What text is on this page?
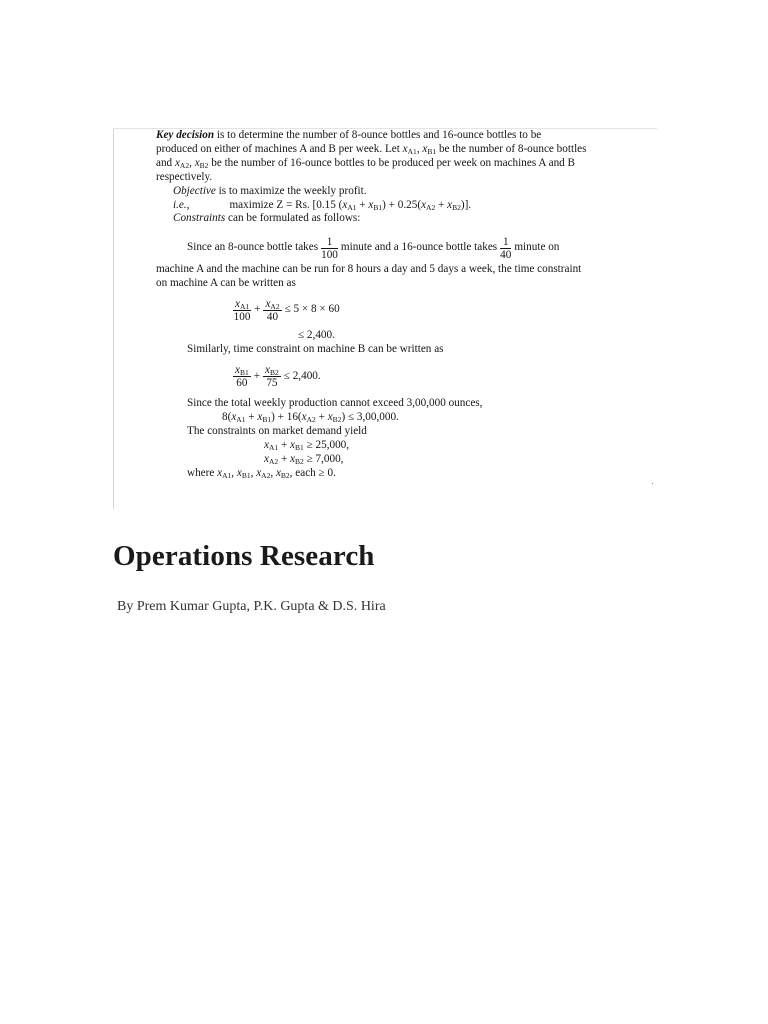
Key decision is to determine the number of 8-ounce bottles and 16-ounce bottles to be
produced on either of machines A and B per week. Let $x_{A1}$, $x_{B1}$ be the number of 8-ounce bottles
and $x_{A2}$, $x_{B2}$ be the number of 16-ounce bottles to be produced per week on machines A and B
respectively.
Objective is to maximize the weekly profit.
i.e.,	maximize Z = Rs. [0.15 $(x_{A1} + x_{B1}) + 0.25(x_{A2} + x_{B2})$].
Constraints can be formulated as follows:
Since an 8-ounce bottle takes $\frac{1}{100}$ minute and a 16-ounce bottle takes $\frac{1}{40}$ minute on
machine A and the machine can be run for 8 hours a day and 5 days a week, the time constraint
on machine A can be written as
$\frac{x_{A1}}{100} + \frac{x_{A2}}{40} \le 5 \times 8 \times 60$
≤ 2,400.
Similarly, time constraint on machine B can be written as
$\frac{x_{B1}}{60} + \frac{x_{B2}}{75} \le 2,400$.
Since the total weekly production cannot exceed 3,00,000 ounces,
$8(x_{A1} + x_{B1}) + 16(x_{A2} + x_{B2}) \le 3,00,000$.
The constraints on market demand yield
$x_{A1} + x_{B1} \ge 25,000$,
$x_{A2} + x_{B2} \ge 7,000$,
where $x_{A1}$, $x_{B1}$, $x_{A2}$, $x_{B2}$, each ≥ 0.
·
Operations Research
By Prem Kumar Gupta, P.K. Gupta & D.S. Hira
